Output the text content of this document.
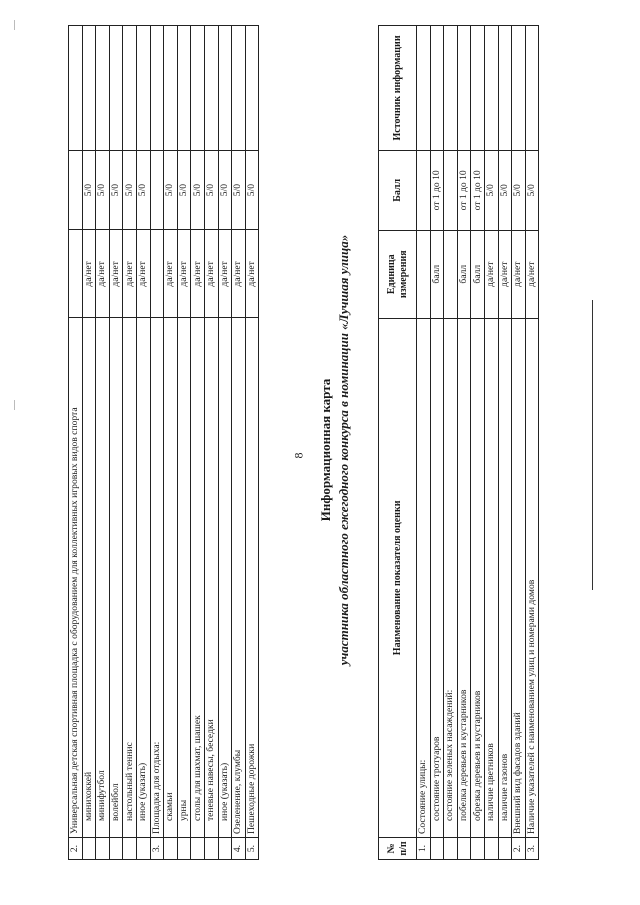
8
2.	Универсальная детская спортивная площадка с оборудованием для коллективных игровых видов спорта			
	минихоккей	да/нет	5/0	
	минифутбол	да/нет	5/0	
	волейбол	да/нет	5/0	
	настольный теннис	да/нет	5/0	
	иное (указать)	да/нет	5/0	
3.	Площадка для отдыха:			
	скамьи	да/нет	5/0	
	урны	да/нет	5/0	
	столы для шахмат, шашек	да/нет	5/0	
	теневые навесы, беседки	да/нет	5/0	
	иное (указать)	да/нет	5/0	
4.	Озеленение, клумбы	да/нет	5/0	
5.	Пешеходные дорожки	да/нет	5/0	
Информационная карта участника областного ежегодного конкурса в номинации «Лучшая улица»
№ п/п	Наименование показателя оценки	Единица измерения	Балл	Источник информации
1.	Состояние улицы:			
	состояние тротуаров	балл	от 1 до 10	
	состояние зеленых насаждений:			
	побелка деревьев и кустарников	балл	от 1 до 10	
	обрезка деревьев и кустарников	балл	от 1 до 10	
	наличие цветников	да/нет	5/0	
	наличие газонов	да/нет	5/0	
2.	Внешний вид фасадов зданий	да/нет	5/0	
3.	Наличие указателей с наименованием улиц и номерами домов	да/нет	5/0	
